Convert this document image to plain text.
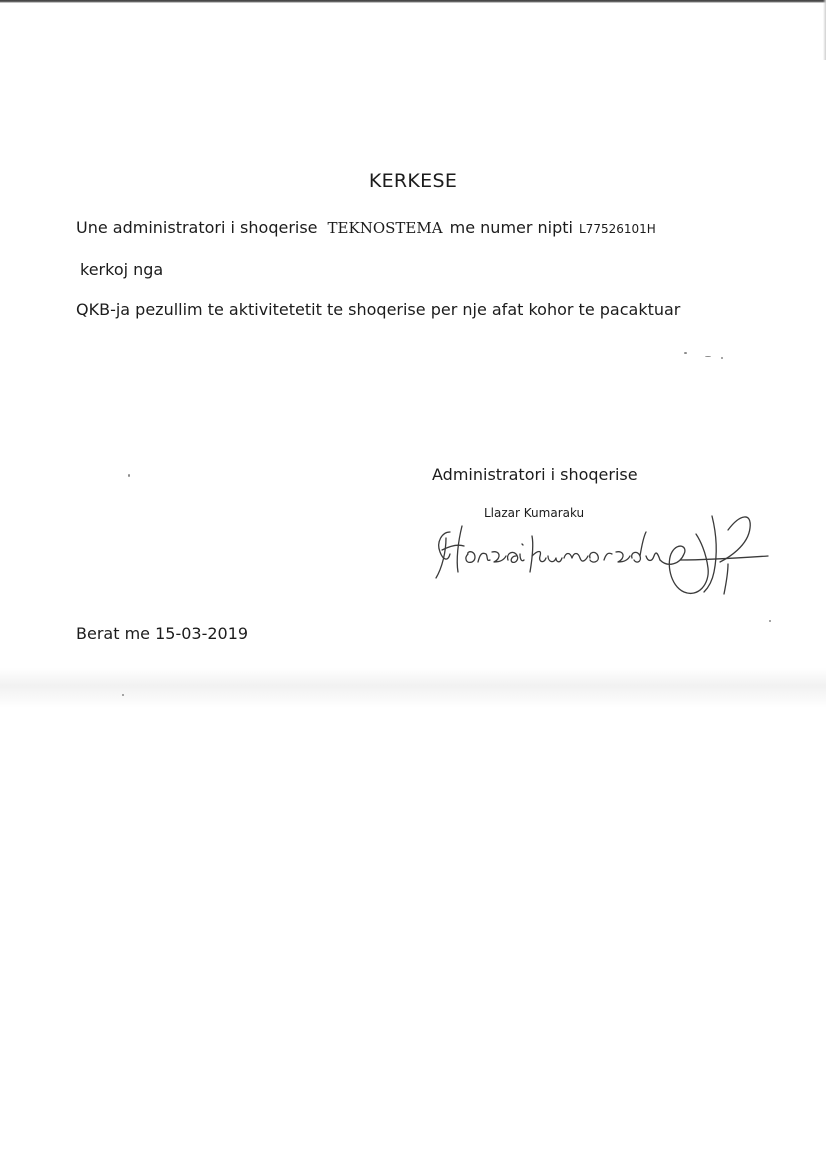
KERKESE
Une administratori i shoqerise TEKNOSTEMA me numer nipti L77526101H
kerkoj nga
QKB-ja pezullim te aktivitetetit te shoqerise per nje afat kohor te pacaktuar
Administratori i shoqerise
Llazar Kumaraku
Berat me 15-03-2019
